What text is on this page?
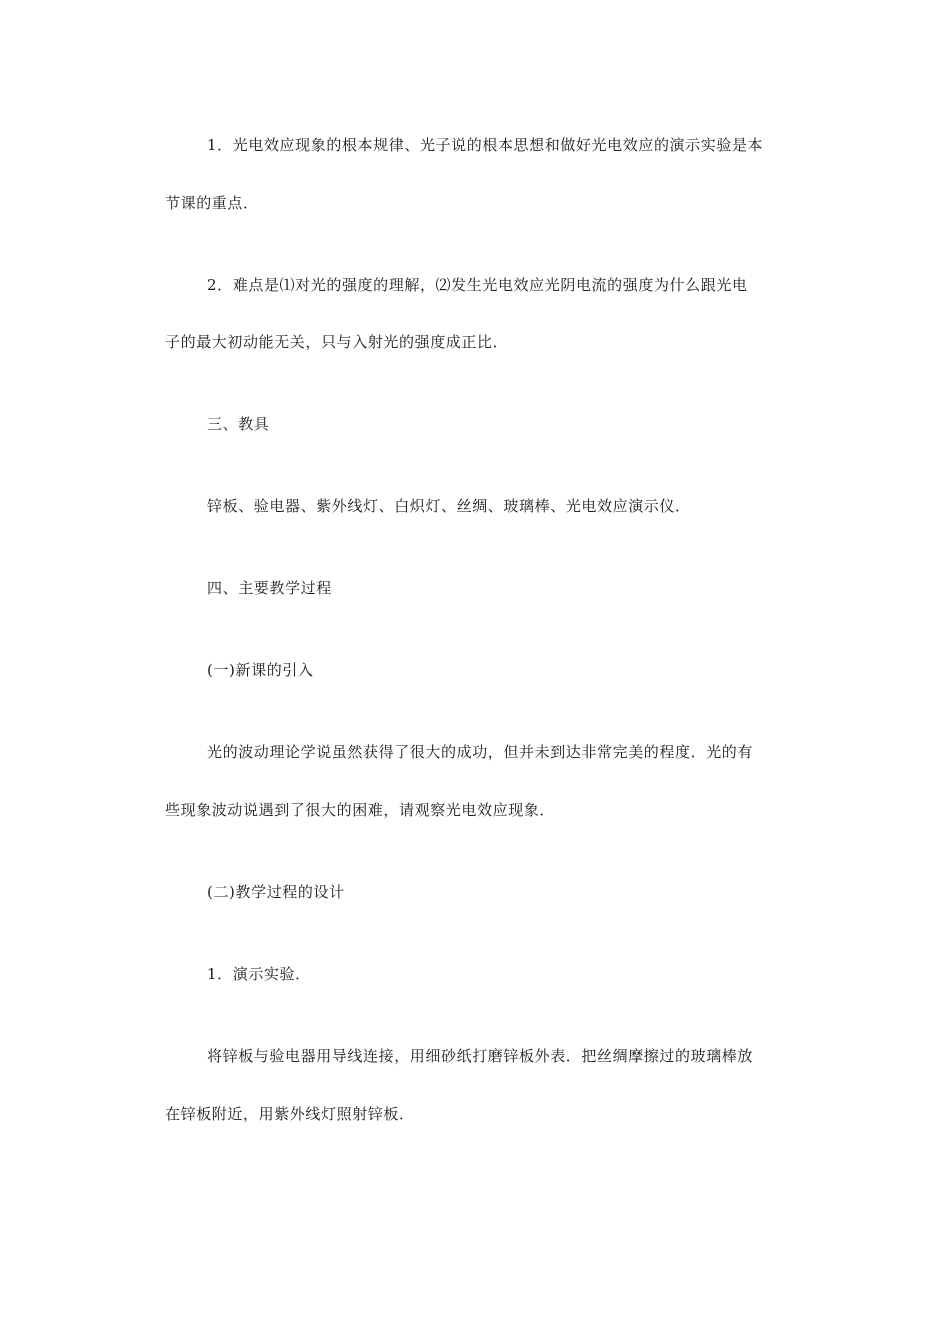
1．光电效应现象的根本规律、光子说的根本思想和做好光电效应的演示实验是本
节课的重点．
2．难点是⑴对光的强度的理解，⑵发生光电效应光阴电流的强度为什么跟光电
子的最大初动能无关，只与入射光的强度成正比．
三、教具
锌板、验电器、紫外线灯、白炽灯、丝绸、玻璃棒、光电效应演示仪．
四、主要教学过程
(一)新课的引入
光的波动理论学说虽然获得了很大的成功，但并未到达非常完美的程度．光的有
些现象波动说遇到了很大的困难，请观察光电效应现象．
(二)教学过程的设计
1．演示实验．
将锌板与验电器用导线连接，用细砂纸打磨锌板外表．把丝绸摩擦过的玻璃棒放
在锌板附近，用紫外线灯照射锌板．
